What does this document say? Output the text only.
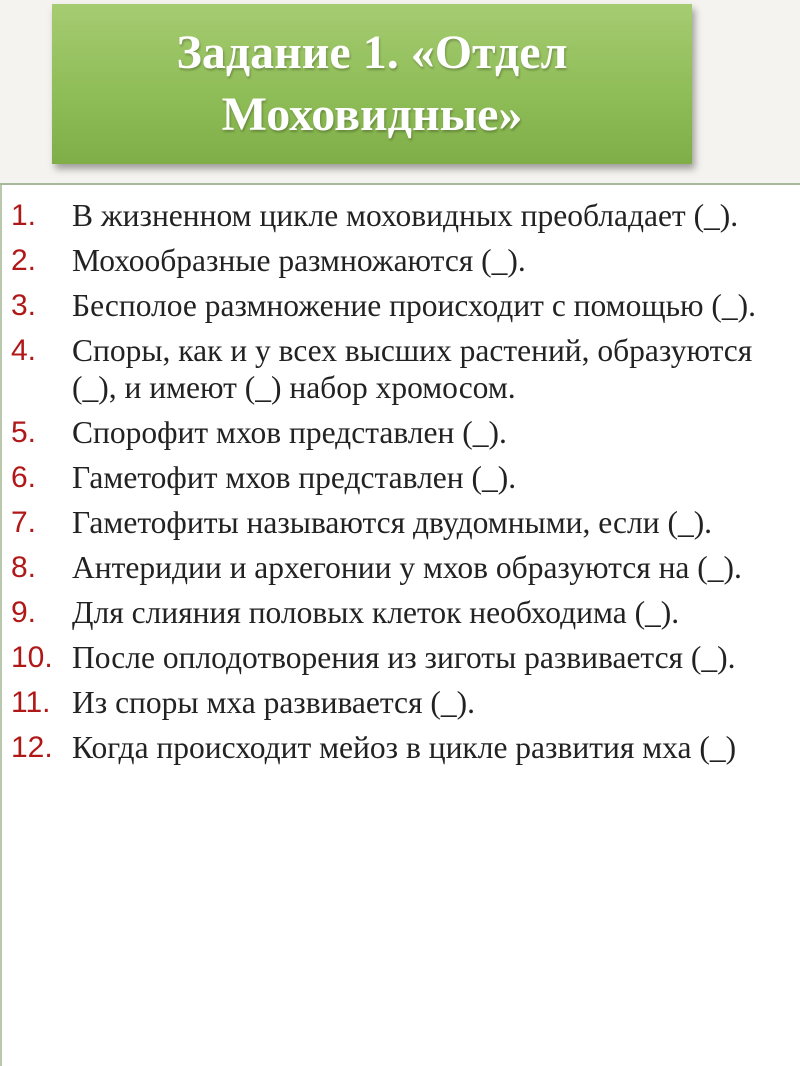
Задание 1. «Отдел
Моховидные»
1.	В жизненном цикле моховидных преобладает (_).
2.	Мохообразные размножаются (_).
3.	Бесполое размножение происходит с помощью (_).
4.	Споры, как и у всех высших растений, образуются (_), и имеют (_) набор хромосом.
5.	Спорофит мхов представлен (_).
6.	Гаметофит мхов представлен (_).
7.	Гаметофиты называются двудомными, если (_).
8.	Антеридии и архегонии у мхов образуются на (_).
9.	Для слияния половых клеток необходима (_).
10. После оплодотворения из зиготы развивается (_).
11. Из споры мха развивается (_).
12. Когда происходит мейоз в цикле развития мха (_)
